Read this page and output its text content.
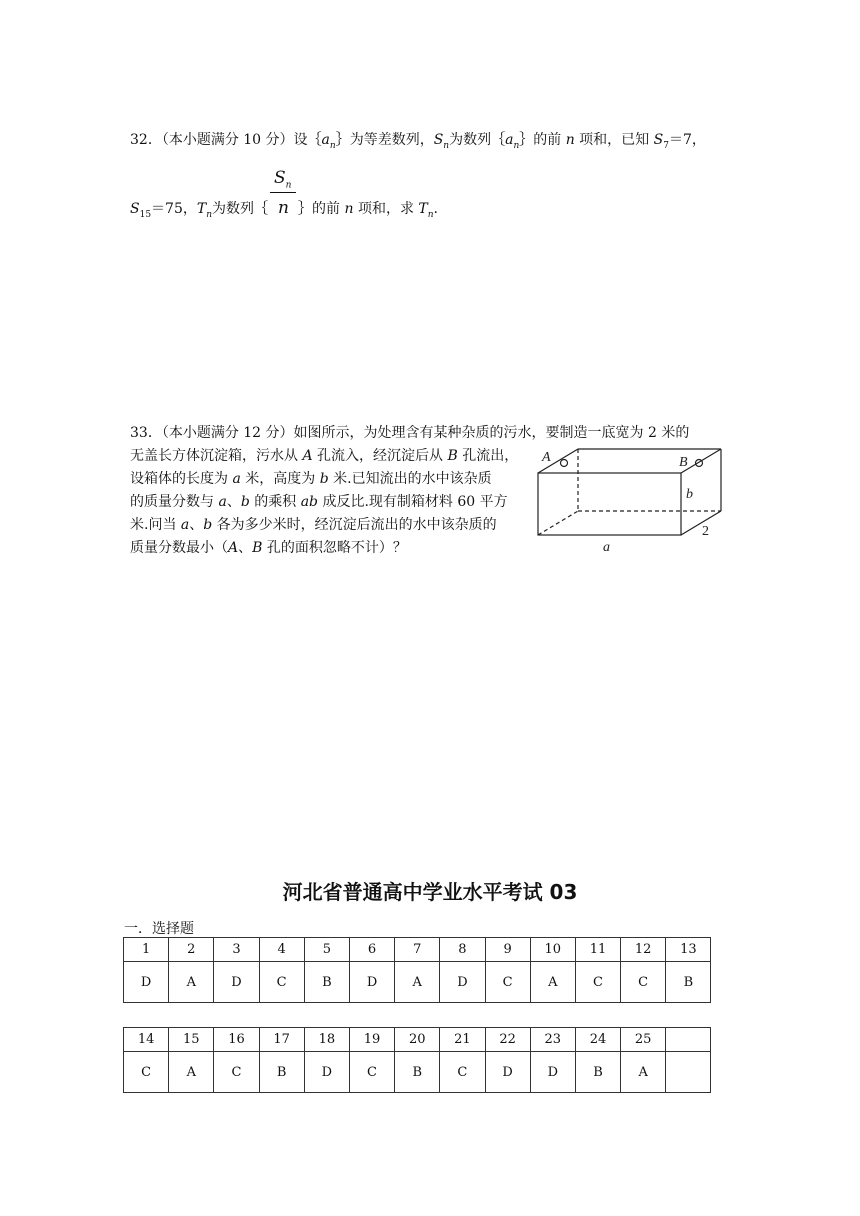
32．（本小题满分 10 分）设$\{a_n\}$为等差数列，$S_n$为数列$\{a_n\}$的前 n 项和，已知 $S_7=7$，
$S_{15}=75$，$T_n$为数列｛ $\frac{S_n}{n}$ ｝的前 n 项和，求 $T_n$.
33．（本小题满分 12 分）如图所示，为处理含有某种杂质的污水，要制造一底宽为 2 米的
无盖长方体沉淀箱，污水从 A 孔流入，经沉淀后从 B 孔流出，
设箱体的长度为 a 米，高度为 b 米.已知流出的水中该杂质
的质量分数与 a、b 的乘积 ab 成反比.现有制箱材料 60 平方
米.问当 a、b 各为多少米时，经沉淀后流出的水中该杂质的
质量分数最小（A、B 孔的面积忽略不计）？
A	B
b
a
2
河北省普通高中学业水平考试 03
一．选择题
1	2	3	4	5	6	7	8	9	10	11	12	13
D	A	D	C	B	D	A	D	C	A	C	C	B
14	15	16	17	18	19	20	21	22	23	24	25	
C	A	C	B	D	C	B	C	D	D	B	A	
